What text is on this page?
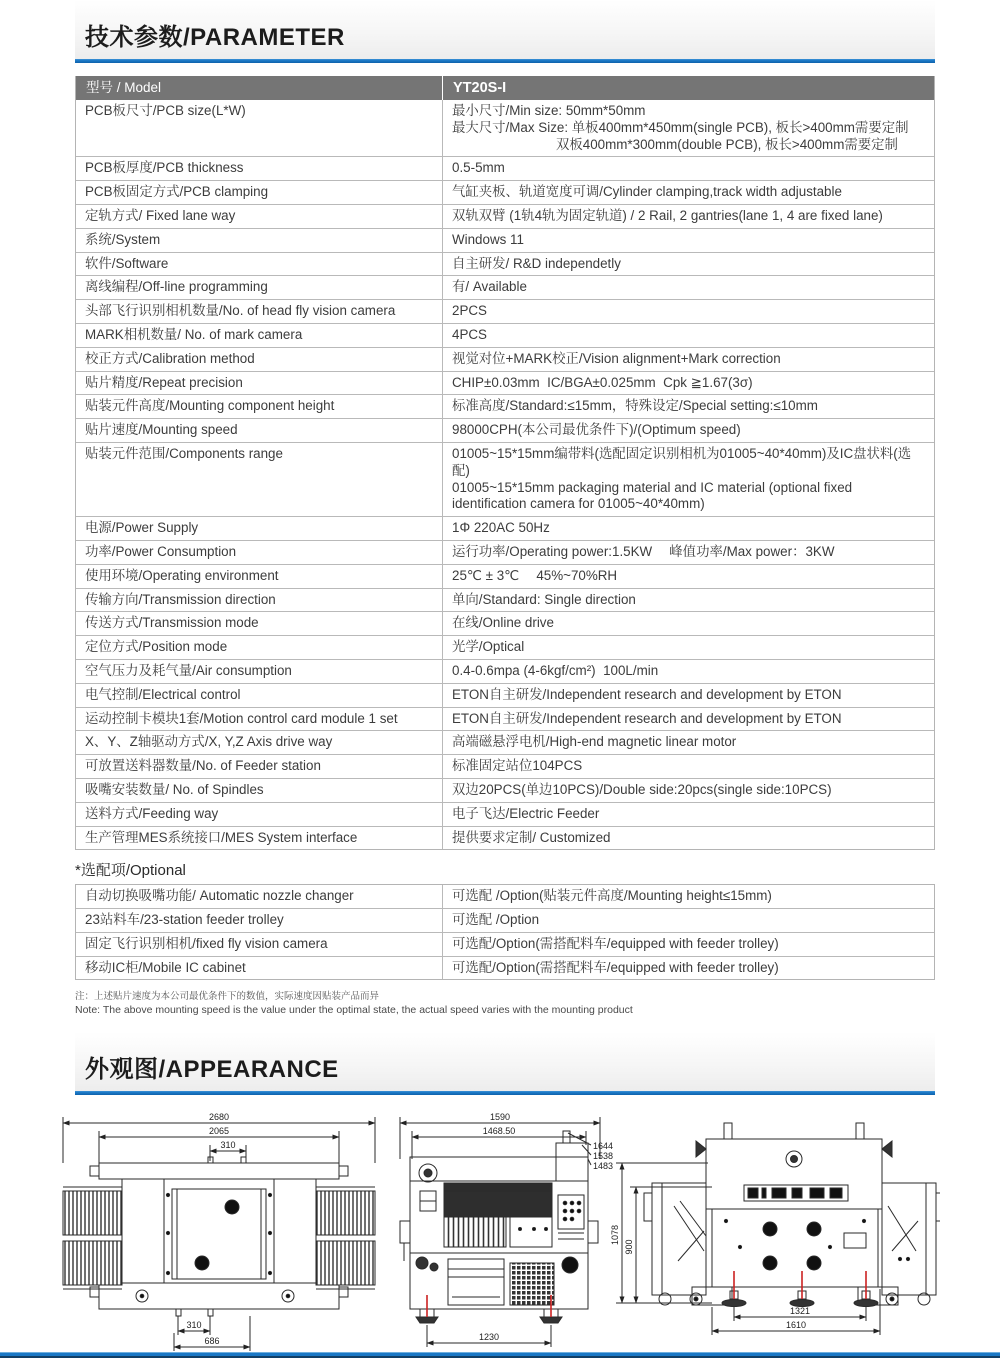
技术参数/PARAMETER
型号 / Model	YT20S-I
PCB板尺寸/PCB size(L*W)	最小尺寸/Min size: 50mm*50mm
最大尺寸/Max Size: 单板400mm*450mm(single PCB), 板长>400mm需要定制
双板400mm*300mm(double PCB), 板长>400mm需要定制
PCB板厚度/PCB thickness	0.5-5mm
PCB板固定方式/PCB clamping	气缸夹板、轨道宽度可调/Cylinder clamping,track width adjustable
定轨方式/ Fixed lane way	双轨双臂 (1轨4轨为固定轨道) / 2 Rail, 2 gantries(lane 1, 4 are fixed lane)
系统/System	Windows 11
软件/Software	自主研发/ R&D independetly
离线编程/Off-line programming	有/ Available
头部飞行识别相机数量/No. of head fly vision camera	2PCS
MARK相机数量/ No. of mark camera	4PCS
校正方式/Calibration method	视觉对位+MARK校正/Vision alignment+Mark correction
贴片精度/Repeat precision	CHIP±0.03mm  IC/BGA±0.025mm  Cpk ≧1.67(3σ)
贴装元件高度/Mounting component height	标准高度/Standard:≤15mm，特殊设定/Special setting:≤10mm
贴片速度/Mounting speed	98000CPH(本公司最优条件下)/(Optimum speed)
贴装元件范围/Components range	01005~15*15mm编带料(选配固定识别相机为01005~40*40mm)及IC盘状料(选配)
01005~15*15mm packaging material and IC material (optional fixed
identification camera for 01005~40*40mm)
电源/Power Supply	1Φ 220AC 50Hz
功率/Power Consumption	运行功率/Operating power:1.5KW　 峰值功率/Max power：3KW
使用环境/Operating environment	25℃ ± 3℃　 45%~70%RH
传输方向/Transmission direction	单向/Standard: Single direction
传送方式/Transmission mode	在线/Online drive
定位方式/Position mode	光学/Optical
空气压力及耗气量/Air consumption	0.4-0.6mpa (4-6kgf/cm²)  100L/min
电气控制/Electrical control	ETON自主研发/Independent research and development by ETON
运动控制卡模块1套/Motion control card module 1 set	ETON自主研发/Independent research and development by ETON
X、Y、Z轴驱动方式/X, Y,Z Axis drive way	高端磁悬浮电机/High-end magnetic linear motor
可放置送料器数量/No. of Feeder station	标准固定站位104PCS
吸嘴安装数量/ No. of Spindles	双边20PCS(单边10PCS)/Double side:20pcs(single side:10PCS)
送料方式/Feeding way	电子飞达/Electric Feeder
生产管理MES系统接口/MES System interface	提供要求定制/ Customized
*选配项/Optional
自动切换吸嘴功能/ Automatic nozzle changer	可选配 /Option(贴装元件高度/Mounting height≤15mm)
23站料车/23-station feeder trolley	可选配 /Option
固定飞行识别相机/fixed fly vision camera	可选配/Option(需搭配料车/equipped with feeder trolley)
移动IC柜/Mobile IC cabinet	可选配/Option(需搭配料车/equipped with feeder trolley)
注：上述贴片速度为本公司最优条件下的数值，实际速度因贴装产品而异
Note: The above mounting speed is the value under the optimal state, the actual speed varies with the mounting product
外观图/APPEARANCE
2680
2065
310
310
686
1590
1468.50
1644
1538
1483
1230
1078
900
1321
1610
